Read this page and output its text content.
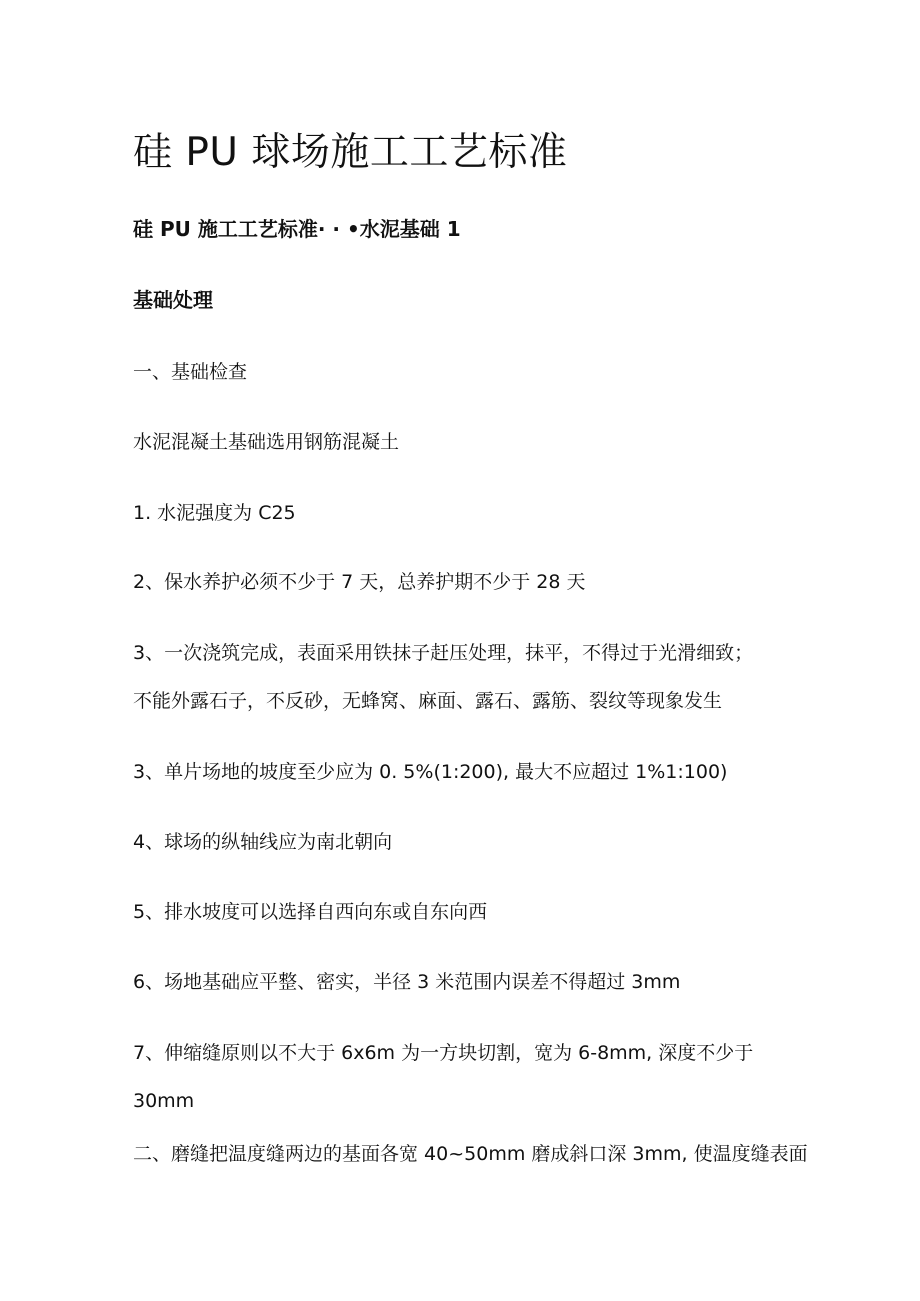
硅 PU 球场施工工艺标准
硅 PU 施工工艺标准· · •水泥基础 1
基础处理
一、基础检查
水泥混凝土基础选用钢筋混凝土
1. 水泥强度为 C25
2、保水养护必须不少于 7 天，总养护期不少于 28 天
3、一次浇筑完成，表面采用铁抹子赶压处理，抹平，不得过于光滑细致；
不能外露石子，不反砂，无蜂窝、麻面、露石、露筋、裂纹等现象发生
3、单片场地的坡度至少应为 0. 5%(1:200), 最大不应超过 1%1:100)
4、球场的纵轴线应为南北朝向
5、排水坡度可以选择自西向东或自东向西
6、场地基础应平整、密实，半径 3 米范围内误差不得超过 3mm
7、伸缩缝原则以不大于 6x6m 为一方块切割，宽为 6-8mm, 深度不少于
30mm
二、磨缝把温度缝两边的基面各宽 40~50mm 磨成斜口深 3mm, 使温度缝表面
